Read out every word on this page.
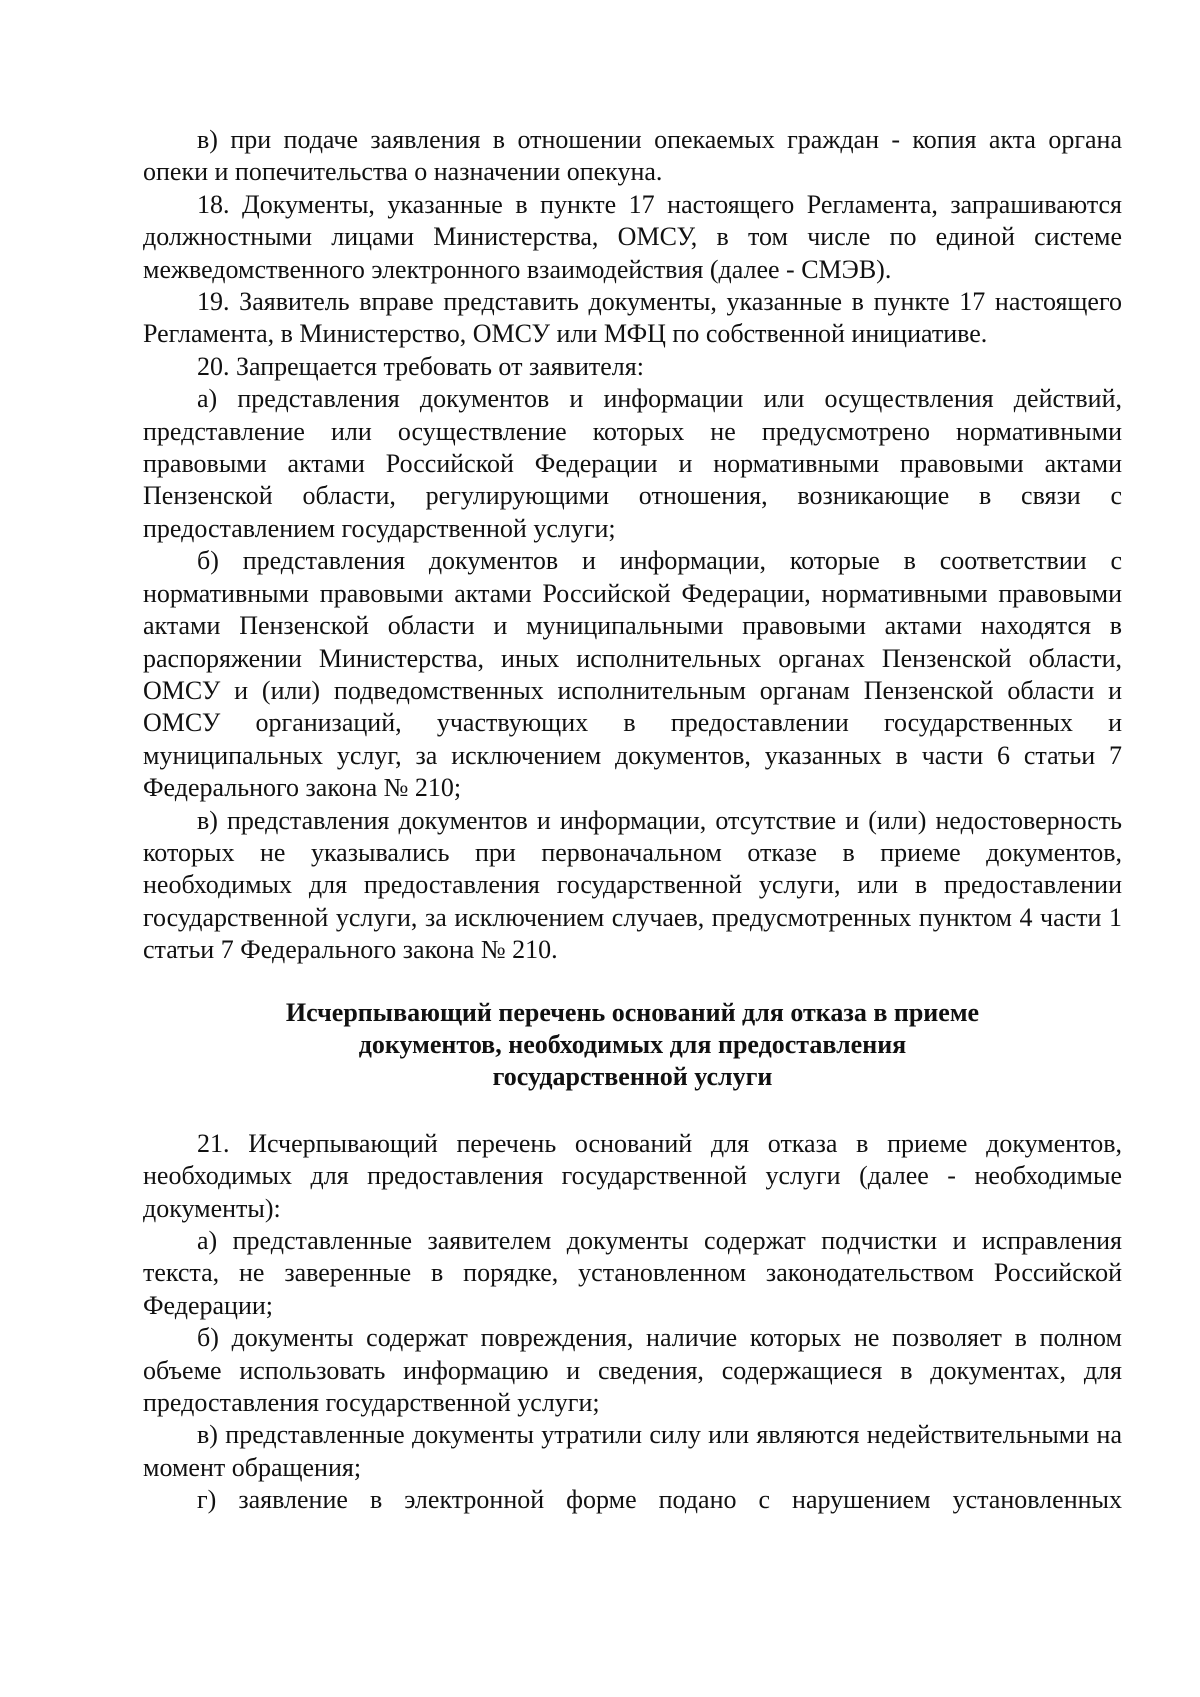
в) при подаче заявления в отношении опекаемых граждан - копия акта органа опеки и попечительства о назначении опекуна.

18. Документы, указанные в пункте 17 настоящего Регламента, запрашиваются должностными лицами Министерства, ОМСУ, в том числе по единой системе межведомственного электронного взаимодействия (далее - СМЭВ).

19. Заявитель вправе представить документы, указанные в пункте 17 настоящего Регламента, в Министерство, ОМСУ или МФЦ по собственной инициативе.

20. Запрещается требовать от заявителя:

а) представления документов и информации или осуществления действий, представление или осуществление которых не предусмотрено нормативными правовыми актами Российской Федерации и нормативными правовыми актами Пензенской области, регулирующими отношения, возникающие в связи с предоставлением государственной услуги;

б) представления документов и информации, которые в соответствии с нормативными правовыми актами Российской Федерации, нормативными правовыми актами Пензенской области и муниципальными правовыми актами находятся в распоряжении Министерства, иных исполнительных органах Пензенской области, ОМСУ и (или) подведомственных исполнительным органам Пензенской области и ОМСУ организаций, участвующих в предоставлении государственных и муниципальных услуг, за исключением документов, указанных в части 6 статьи 7 Федерального закона № 210;

в) представления документов и информации, отсутствие и (или) недостоверность которых не указывались при первоначальном отказе в приеме документов, необходимых для предоставления государственной услуги, или в предоставлении государственной услуги, за исключением случаев, предусмотренных пунктом 4 части 1 статьи 7 Федерального закона № 210.

Исчерпывающий перечень оснований для отказа в приеме
документов, необходимых для предоставления
государственной услуги

21. Исчерпывающий перечень оснований для отказа в приеме документов, необходимых для предоставления государственной услуги (далее - необходимые документы):

а) представленные заявителем документы содержат подчистки и исправления текста, не заверенные в порядке, установленном законодательством Российской Федерации;

б) документы содержат повреждения, наличие которых не позволяет в полном объеме использовать информацию и сведения, содержащиеся в документах, для предоставления государственной услуги;

в) представленные документы утратили силу или являются недействительными на момент обращения;

г) заявление в электронной форме подано с нарушением установленных
